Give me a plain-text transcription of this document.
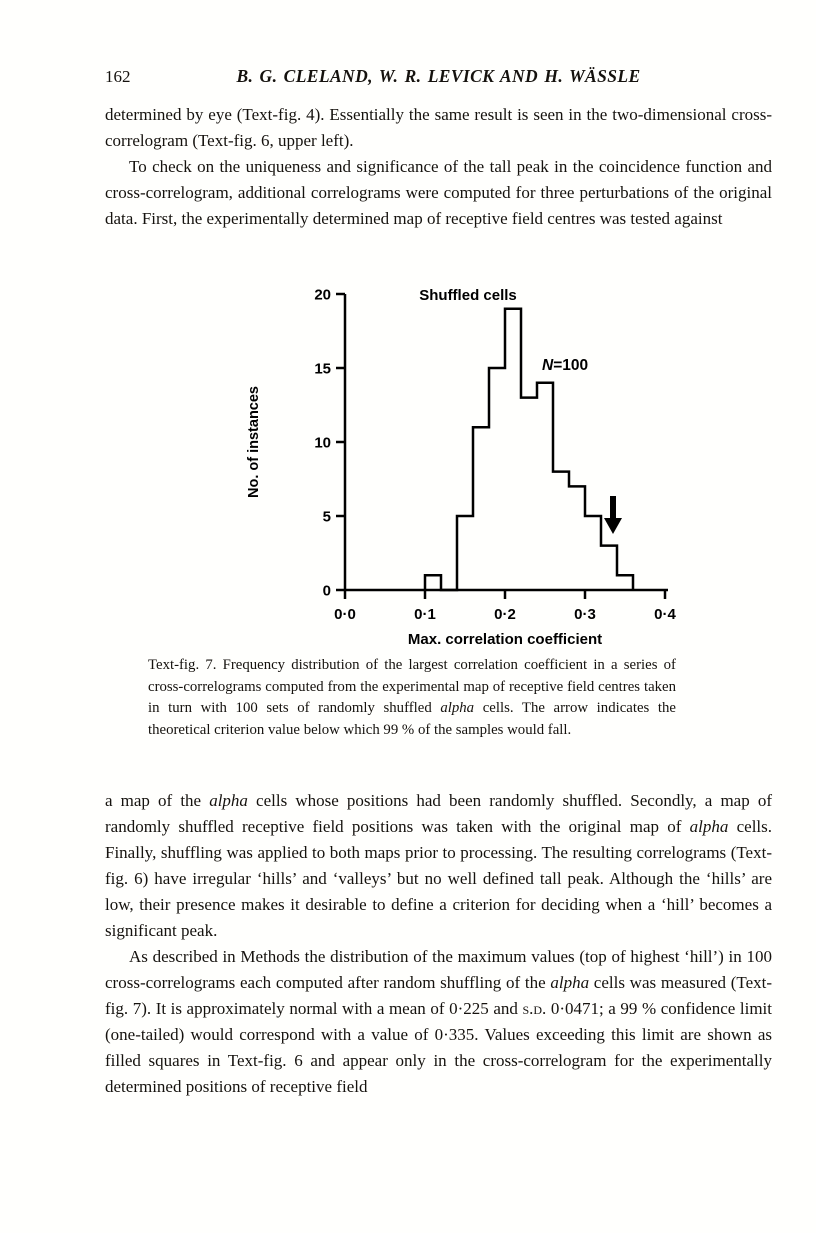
162	B. G. CLELAND, W. R. LEVICK AND H. WÄSSLE

determined by eye (Text-fig. 4). Essentially the same result is seen in the two-dimensional cross-correlogram (Text-fig. 6, upper left).

To check on the uniqueness and significance of the tall peak in the coincidence function and cross-correlogram, additional correlograms were computed for three perturbations of the original data. First, the experimentally determined map of receptive field centres was tested against

0
5
10
15
20
0·0	0·1	0·2	0·3	0·4
No. of instances
Max. correlation coefficient
Shuffled cells
N=100
Text-fig. 7. Frequency distribution of the largest correlation coefficient in a series of cross-correlograms computed from the experimental map of receptive field centres taken in turn with 100 sets of randomly shuffled alpha cells. The arrow indicates the theoretical criterion value below which 99 % of the samples would fall.

a map of the alpha cells whose positions had been randomly shuffled. Secondly, a map of randomly shuffled receptive field positions was taken with the original map of alpha cells. Finally, shuffling was applied to both maps prior to processing. The resulting correlograms (Text-fig. 6) have irregular ‘hills’ and ‘valleys’ but no well defined tall peak. Although the ‘hills’ are low, their presence makes it desirable to define a criterion for deciding when a ‘hill’ becomes a significant peak.

As described in Methods the distribution of the maximum values (top of highest ‘hill’) in 100 cross-correlograms each computed after random shuffling of the alpha cells was measured (Text-fig. 7). It is approximately normal with a mean of 0·225 and s.d. 0·0471; a 99 % confidence limit (one-tailed) would correspond with a value of 0·335. Values exceeding this limit are shown as filled squares in Text-fig. 6 and appear only in the cross-correlogram for the experimentally determined positions of receptive field
